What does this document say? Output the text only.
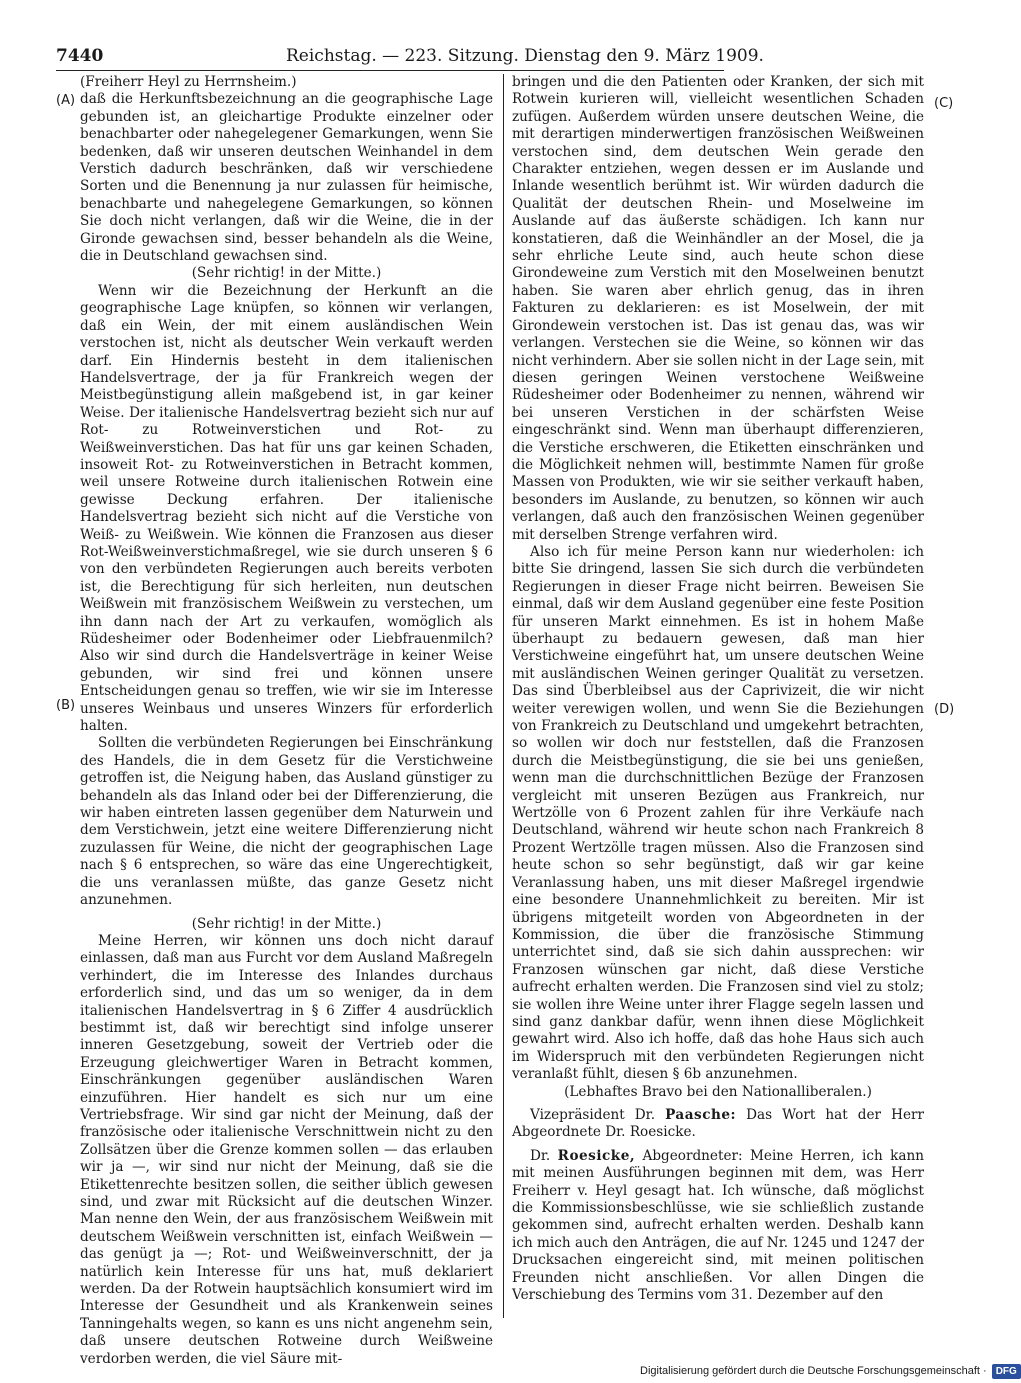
7440	Reichstag. — 223. Sitzung. Dienstag den 9. März 1909.
(A)
(B)
(C)
(D)

(Freiherr Heyl zu Herrnsheim.)

daß die Herkunftsbezeichnung an die geographische Lage gebunden ist, an gleichartige Produkte einzelner oder benachbarter oder nahegelegener Gemarkungen, wenn Sie bedenken, daß wir unseren deutschen Weinhandel in dem Verstich dadurch beschränken, daß wir verschiedene Sorten und die Benennung ja nur zulassen für heimische, benachbarte und nahegelegene Gemarkungen, so können Sie doch nicht verlangen, daß wir die Weine, die in der Gironde gewachsen sind, besser behandeln als die Weine, die in Deutschland gewachsen sind.

(Sehr richtig! in der Mitte.)

Wenn wir die Bezeichnung der Herkunft an die geographische Lage knüpfen, so können wir verlangen, daß ein Wein, der mit einem ausländischen Wein verstochen ist, nicht als deutscher Wein verkauft werden darf. Ein Hindernis besteht in dem italienischen Handelsvertrage, der ja für Frankreich wegen der Meistbegünstigung allein maßgebend ist, in gar keiner Weise. Der italienische Handelsvertrag bezieht sich nur auf Rot- zu Rotweinverstichen und Rot- zu Weißweinverstichen. Das hat für uns gar keinen Schaden, insoweit Rot- zu Rotweinverstichen in Betracht kommen, weil unsere Rotweine durch italienischen Rotwein eine gewisse Deckung erfahren. Der italienische Handelsvertrag bezieht sich nicht auf die Verstiche von Weiß- zu Weißwein. Wie können die Franzosen aus dieser Rot-Weißweinverstichmaßregel, wie sie durch unseren § 6 von den verbündeten Regierungen auch bereits verboten ist, die Berechtigung für sich herleiten, nun deutschen Weißwein mit französischem Weißwein zu verstechen, um ihn dann nach der Art zu verkaufen, womöglich als Rüdesheimer oder Bodenheimer oder Liebfrauenmilch? Also wir sind durch die Handelsverträge in keiner Weise gebunden, wir sind frei und können unsere Entscheidungen genau so treffen, wie wir sie im Interesse unseres Weinbaus und unseres Winzers für erforderlich halten.

Sollten die verbündeten Regierungen bei Einschränkung des Handels, die in dem Gesetz für die Verstichweine getroffen ist, die Neigung haben, das Ausland günstiger zu behandeln als das Inland oder bei der Differenzierung, die wir haben eintreten lassen gegenüber dem Naturwein und dem Verstichwein, jetzt eine weitere Differenzierung nicht zuzulassen für Weine, die nicht der geographischen Lage nach § 6 entsprechen, so wäre das eine Ungerechtigkeit, die uns veranlassen müßte, das ganze Gesetz nicht anzunehmen.

(Sehr richtig! in der Mitte.)

Meine Herren, wir können uns doch nicht darauf einlassen, daß man aus Furcht vor dem Ausland Maßregeln verhindert, die im Interesse des Inlandes durchaus erforderlich sind, und das um so weniger, da in dem italienischen Handelsvertrag in § 6 Ziffer 4 ausdrücklich bestimmt ist, daß wir berechtigt sind infolge unserer inneren Gesetzgebung, soweit der Vertrieb oder die Erzeugung gleichwertiger Waren in Betracht kommen, Einschränkungen gegenüber ausländischen Waren einzuführen. Hier handelt es sich nur um eine Vertriebsfrage. Wir sind gar nicht der Meinung, daß der französische oder italienische Verschnittwein nicht zu den Zollsätzen über die Grenze kommen sollen — das erlauben wir ja —, wir sind nur nicht der Meinung, daß sie die Etikettenrechte besitzen sollen, die seither üblich gewesen sind, und zwar mit Rücksicht auf die deutschen Winzer. Man nenne den Wein, der aus französischem Weißwein mit deutschem Weißwein verschnitten ist, einfach Weißwein — das genügt ja —; Rot- und Weißweinverschnitt, der ja natürlich kein Interesse für uns hat, muß deklariert werden. Da der Rotwein hauptsächlich konsumiert wird im Interesse der Gesundheit und als Krankenwein seines Tanningehalts wegen, so kann es uns nicht angenehm sein, daß unsere deutschen Rotweine durch Weißweine verdorben werden, die viel Säure mit-

bringen und die den Patienten oder Kranken, der sich mit Rotwein kurieren will, vielleicht wesentlichen Schaden zufügen. Außerdem würden unsere deutschen Weine, die mit derartigen minderwertigen französischen Weißweinen verstochen sind, dem deutschen Wein gerade den Charakter entziehen, wegen dessen er im Auslande und Inlande wesentlich berühmt ist. Wir würden dadurch die Qualität der deutschen Rhein- und Moselweine im Auslande auf das äußerste schädigen. Ich kann nur konstatieren, daß die Weinhändler an der Mosel, die ja sehr ehrliche Leute sind, auch heute schon diese Girondeweine zum Verstich mit den Moselweinen benutzt haben. Sie waren aber ehrlich genug, das in ihren Fakturen zu deklarieren: es ist Moselwein, der mit Girondewein verstochen ist. Das ist genau das, was wir verlangen. Verstechen sie die Weine, so können wir das nicht verhindern. Aber sie sollen nicht in der Lage sein, mit diesen geringen Weinen verstochene Weißweine Rüdesheimer oder Bodenheimer zu nennen, während wir bei unseren Verstichen in der schärfsten Weise eingeschränkt sind. Wenn man überhaupt differenzieren, die Verstiche erschweren, die Etiketten einschränken und die Möglichkeit nehmen will, bestimmte Namen für große Massen von Produkten, wie wir sie seither verkauft haben, besonders im Auslande, zu benutzen, so können wir auch verlangen, daß auch den französischen Weinen gegenüber mit derselben Strenge verfahren wird.

Also ich für meine Person kann nur wiederholen: ich bitte Sie dringend, lassen Sie sich durch die verbündeten Regierungen in dieser Frage nicht beirren. Beweisen Sie einmal, daß wir dem Ausland gegenüber eine feste Position für unseren Markt einnehmen. Es ist in hohem Maße überhaupt zu bedauern gewesen, daß man hier Verstichweine eingeführt hat, um unsere deutschen Weine mit ausländischen Weinen geringer Qualität zu versetzen. Das sind Überbleibsel aus der Caprivizeit, die wir nicht weiter verewigen wollen, und wenn Sie die Beziehungen von Frankreich zu Deutschland und umgekehrt betrachten, so wollen wir doch nur feststellen, daß die Franzosen durch die Meistbegünstigung, die sie bei uns genießen, wenn man die durchschnittlichen Bezüge der Franzosen vergleicht mit unseren Bezügen aus Frankreich, nur Wertzölle von 6 Prozent zahlen für ihre Verkäufe nach Deutschland, während wir heute schon nach Frankreich 8 Prozent Wertzölle tragen müssen. Also die Franzosen sind heute schon so sehr begünstigt, daß wir gar keine Veranlassung haben, uns mit dieser Maßregel irgendwie eine besondere Unannehmlichkeit zu bereiten. Mir ist übrigens mitgeteilt worden von Abgeordneten in der Kommission, die über die französische Stimmung unterrichtet sind, daß sie sich dahin aussprechen: wir Franzosen wünschen gar nicht, daß diese Verstiche aufrecht erhalten werden. Die Franzosen sind viel zu stolz; sie wollen ihre Weine unter ihrer Flagge segeln lassen und sind ganz dankbar dafür, wenn ihnen diese Möglichkeit gewahrt wird. Also ich hoffe, daß das hohe Haus sich auch im Widerspruch mit den verbündeten Regierungen nicht veranlaßt fühlt, diesen § 6b anzunehmen.

(Lebhaftes Bravo bei den Nationalliberalen.)

Vizepräsident Dr. Paasche: Das Wort hat der Herr Abgeordnete Dr. Roesicke.

Dr. Roesicke, Abgeordneter: Meine Herren, ich kann mit meinen Ausführungen beginnen mit dem, was Herr Freiherr v. Heyl gesagt hat. Ich wünsche, daß möglichst die Kommissionsbeschlüsse, wie sie schließlich zustande gekommen sind, aufrecht erhalten werden. Deshalb kann ich mich auch den Anträgen, die auf Nr. 1245 und 1247 der Drucksachen eingereicht sind, mit meinen politischen Freunden nicht anschließen. Vor allen Dingen die Verschiebung des Termins vom 31. Dezember auf den

Digitalisierung gefördert durch die Deutsche Forschungsgemeinschaft · DFG
